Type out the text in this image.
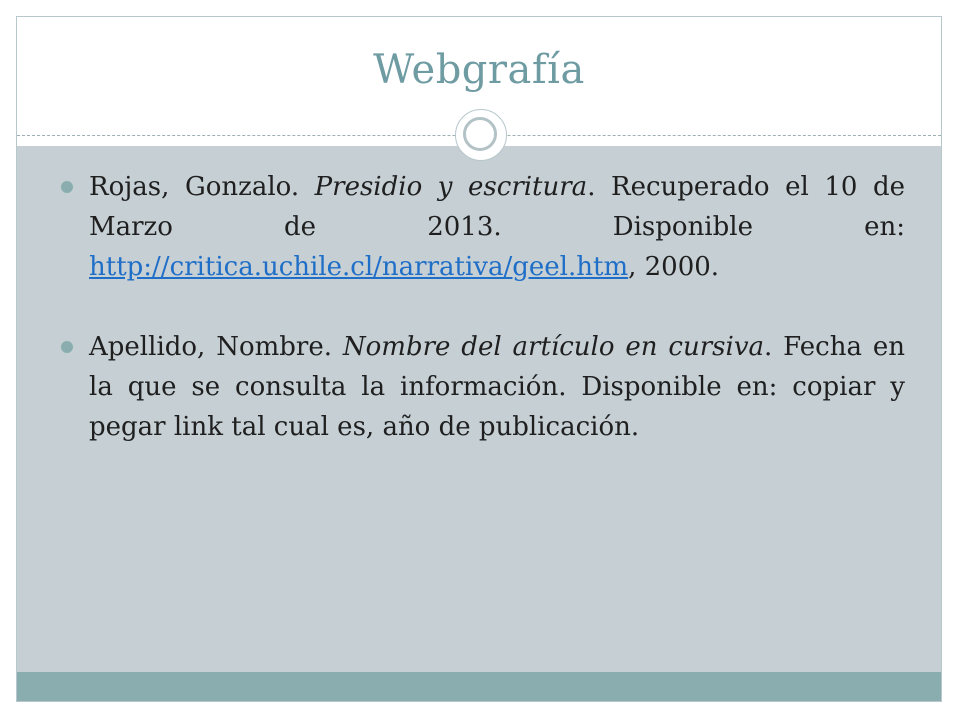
Webgrafía
Rojas, Gonzalo. Presidio y escritura. Recuperado el 10 de Marzo de 2013. Disponible en: http://critica.uchile.cl/narrativa/geel.htm, 2000.
Apellido, Nombre. Nombre del artículo en cursiva. Fecha en la que se consulta la información. Disponible en: copiar y pegar link tal cual es, año de publicación.
